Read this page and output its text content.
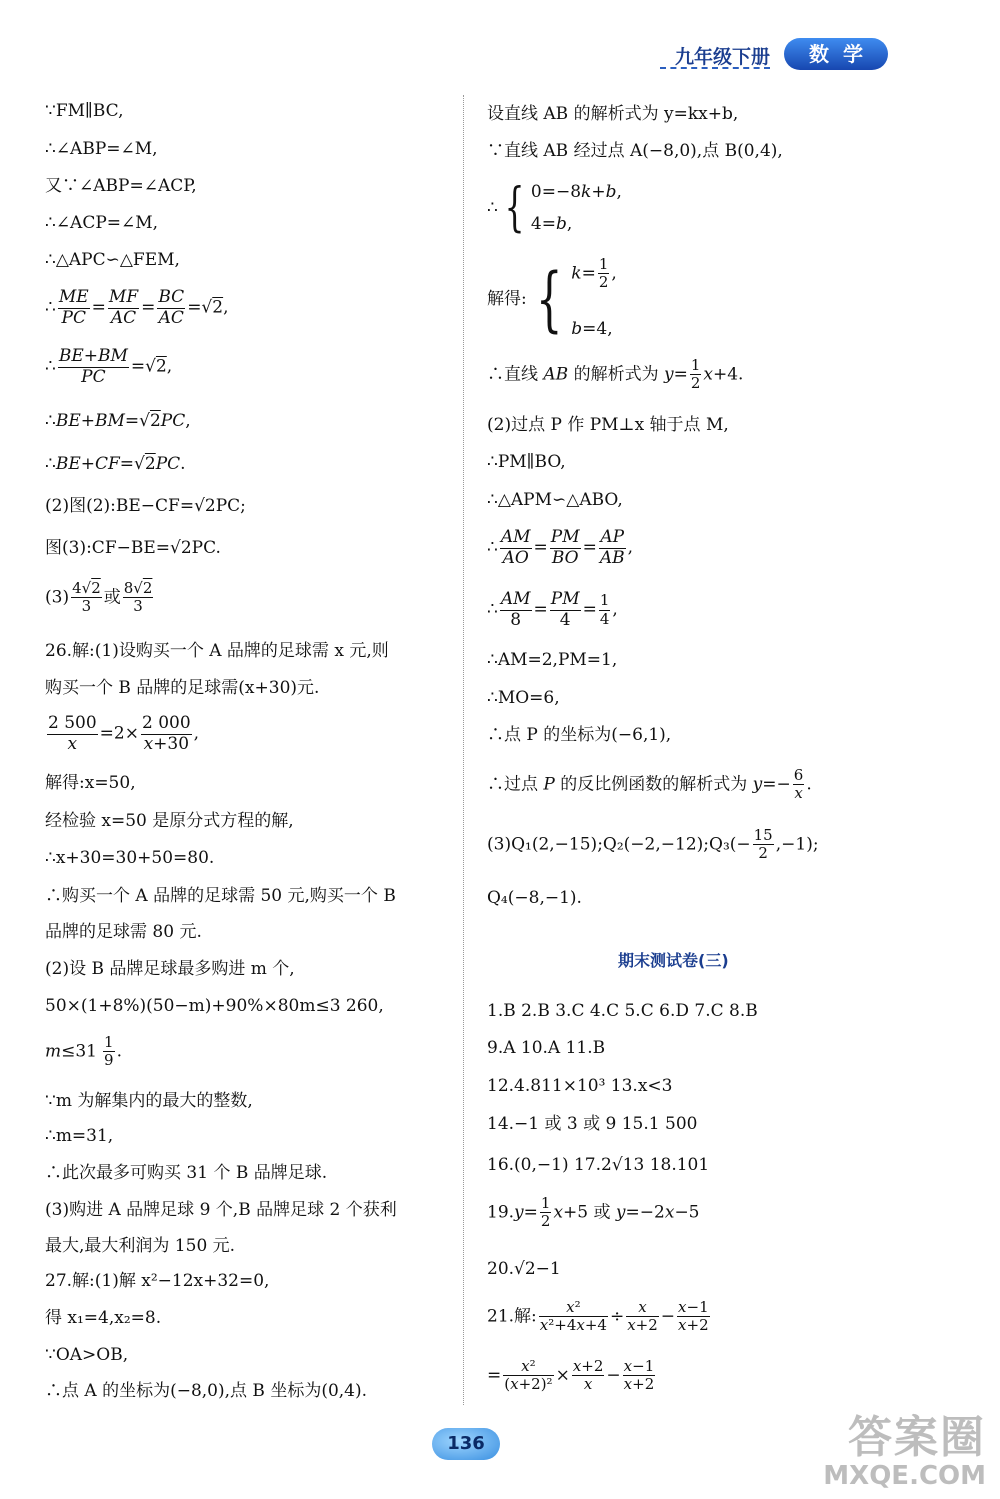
九年级下册	数学
∵FM∥BC,
∴∠ABP=∠M,
又∵∠ABP=∠ACP,
∴∠ACP=∠M,
∴△APC∽△FEM,
∴ $\frac{ME}{PC} = \frac{MF}{AC} = \frac{BC}{AC} =√2$,
∴ $\frac{BE+BM}{PC} =√2$,
∴BE+BM=√2PC,
∴BE+CF=√2PC.
(2)图(2):BE−CF=√2PC;
图(3):CF−BE=√2PC.
$(3) \frac{4√2}{3}$ 或 $\frac{8√2}{3}$
26.解:(1)设购买一个 A 品牌的足球需 x 元,则
购买一个 B 品牌的足球需(x+30)元.
$\frac{2 500}{x} =2\times \frac{2 000}{x+30}$ ,
解得:x=50,
经检验 x=50 是原分式方程的解,
∴x+30=30+50=80.
∴购买一个 A 品牌的足球需 50 元,购买一个 B
品牌的足球需 80 元.
(2)设 B 品牌足球最多购进 m 个,
50×(1+8%)(50−m)+90%×80m≤3 260,
$m\le 31 \frac{1}{9}$ .
∵m 为解集内的最大的整数,
∴m=31,
∴此次最多可购买 31 个 B 品牌足球.
(3)购进 A 品牌足球 9 个,B 品牌足球 2 个获利
最大,最大利润为 150 元.
27.解:(1)解 x²−12x+32=0,
得 x₁=4,x₂=8.
∵OA>OB,
∴点 A 的坐标为(−8,0),点 B 坐标为(0,4).
设直线 AB 的解析式为 y=kx+b,
∵直线 AB 经过点 A(−8,0),点 B(0,4),
∴ { 0=−8k+b,
4=b,
解得: { $k= \frac{1}{2}$ ,

b=4,
∴直线 AB 的解析式为 $y= \frac{1}{2} x+4$.
(2)过点 P 作 PM⊥x 轴于点 M,
∴PM∥BO,
∴△APM∽△ABO,
∴ $\frac{AM}{AO} = \frac{PM}{BO} = \frac{AP}{AB}$ ,
∴ $\frac{AM}{8} = \frac{PM}{4} = \frac{1}{4}$ ,
∴AM=2,PM=1,
∴MO=6,
∴点 P 的坐标为(−6,1),
∴过点 P 的反比例函数的解析式为 $y=- \frac{6}{x}$ .
(3)Q₁(2,−15);Q₂(−2,−12);Q₃(− $\frac{15}{2} ,-1$);
Q₄(−8,−1).
1.B 2.B 3.C 4.C 5.C 6.D 7.C 8.B
9.A 10.A 11.B
12.4.811×10³ 13.x<3
14.−1 或 3 或 9 15.1 500
16.(0,−1) 17.2√13 18.101
$19.y= \frac{1}{2} x+5$ 或 y=−2x−5
20.√2−1
21.解: $\frac{\text{x²}}{\text{x²+4x+4}} \div \frac{x}{x+2} - \frac{x-1}{x+2}$
= $\frac{\text{x²}}{\text{(x+2)²}} \times \frac{x+2}{x} - \frac{x-1}{x+2}$
期末测试卷(三)
136	答案圈
MXQE.COM
